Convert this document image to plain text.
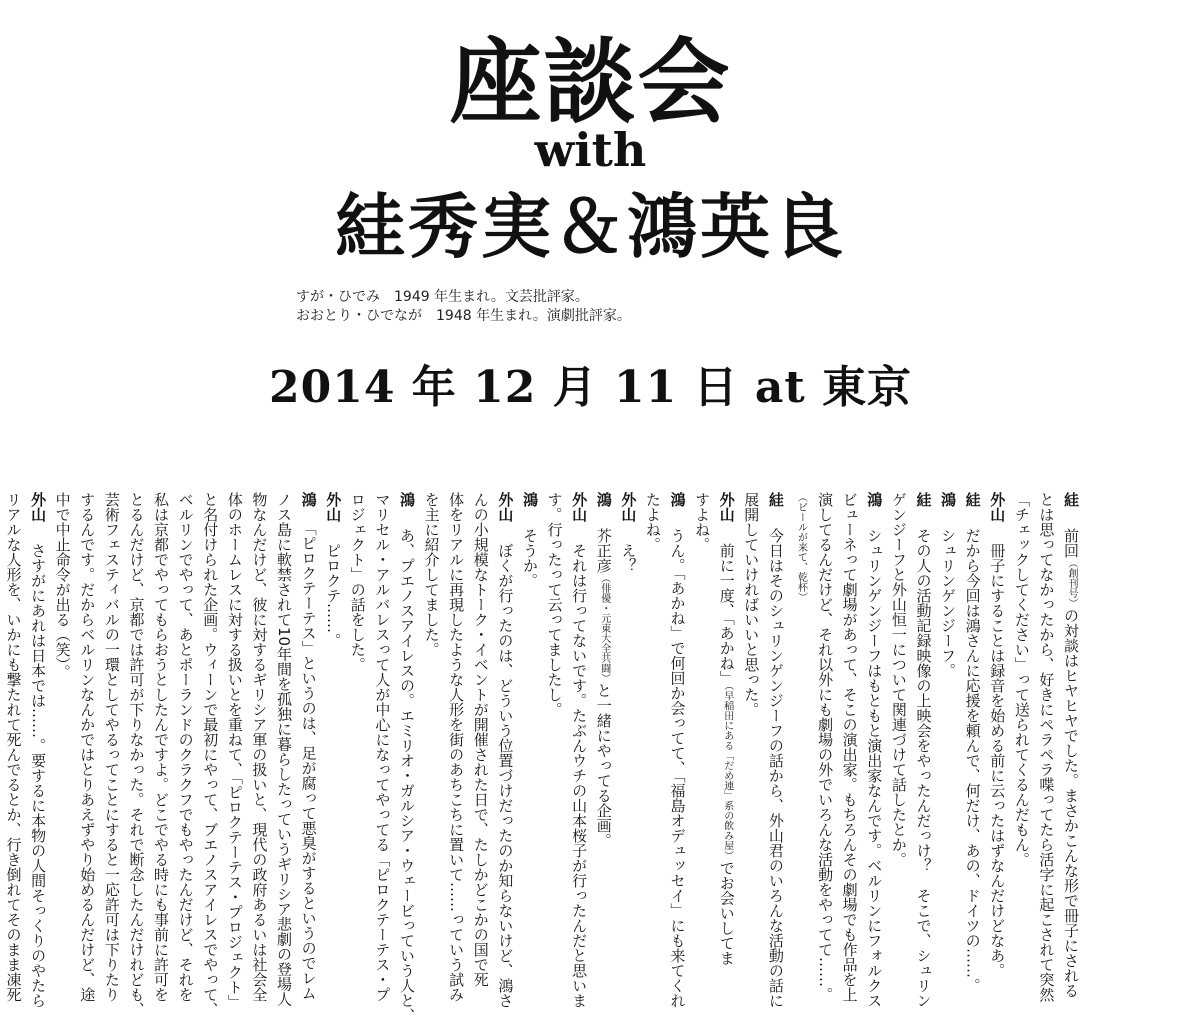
座談会
with
絓秀実＆鴻英良
すが・ひでみ　1949 年生まれ。文芸批評家。
おおとり・ひでなが　1948 年生まれ。演劇批評家。
2014 年 12 月 11 日 at 東京

絓　前回（創刊号）の対談はヒヤヒヤでした。まさかこんな形で冊子にされる

とは思ってなかったから、好きにペラペラ喋ってたら活字に起こされて突然

「チェックしてください」って送られてくるんだもん。

外山　冊子にすることは録音を始める前に云ったはずなんだけどなあ。

絓　だから今回は鴻さんに応援を頼んで、何だけ、あの、ドイツの……。

鴻　シュリンゲンジーフ。

絓　その人の活動記録映像の上映会をやったんだっけ？　そこで、シュリン

ゲンジーフと外山恒一について関連づけて話したとか。

鴻　シュリンゲンジーフはもともと演出家なんです。ベルリンにフォルクス

ビューネって劇場があって、そこの演出家。もちろんその劇場でも作品を上

演してるんだけど、それ以外にも劇場の外でいろんな活動をやってて……。

（ビールが来て、乾杯）

絓　今日はそのシュリンゲンジーフの話から、外山君のいろんな活動の話に

展開していければいいと思った。

外山　前に一度、「あかね」（早稲田にある「だめ連」系の飲み屋）でお会いしてま

すよね。

鴻　うん。「あかね」で何回か会ってて、「福島オデュッセイ」にも来てくれ

たよね。

外山　え？

鴻　芥正彦（俳優・元東大全共闘）と一緒にやってる企画。

外山　それは行ってないです。たぶんウチの山本桜子が行ったんだと思いま

す。行ったって云ってましたし。

鴻　そうか。

外山　ぼくが行ったのは、どういう位置づけだったのか知らないけど、鴻さ

んの小規模なトーク・イベントが開催された日で、たしかどこかの国で死

体をリアルに再現したような人形を街のあちこちに置いて……っていう試み

を主に紹介してました。

鴻　あ、プエノスアイレスの。エミリオ・ガルシア・ウェービっていう人と、

マリセル・アルバレスって人が中心になってやってる「ピロクテーテス・プ

ロジェクト」の話をした。

外山　ピロクテ……。

鴻　「ピロクテーテス」というのは、足が腐って悪臭がするというのでレム

ノス島に軟禁されて10年間を孤独に暮らしたっていうギリシア悲劇の登場人

物なんだけど、彼に対するギリシア軍の扱いと、現代の政府あるいは社会全

体のホームレスに対する扱いとを重ねて、「ピロクテーテス・プロジェクト」

と名付けられた企画。ウィーンで最初にやって、ブエノスアイレスでやって、

ベルリンでやって、あとポーランドのクラクフでもやったんだけど、それを

私は京都でやってもらおうとしたんですよ。どこでやる時にも事前に許可を

とるんだけど、京都では許可が下りなかった。それで断念したんだけれども、

芸術フェスティバルの一環としてやるってことにすると一応許可は下りたり

するんです。だからベルリンなんかではとりあえずやり始めるんだけど、途

中で中止命令が出る（笑）。

外山　さすがにあれは日本では……。要するに本物の人間そっくりのやたら

リアルな人形を、いかにも撃たれて死んでるとか、行き倒れてそのまま凍死
